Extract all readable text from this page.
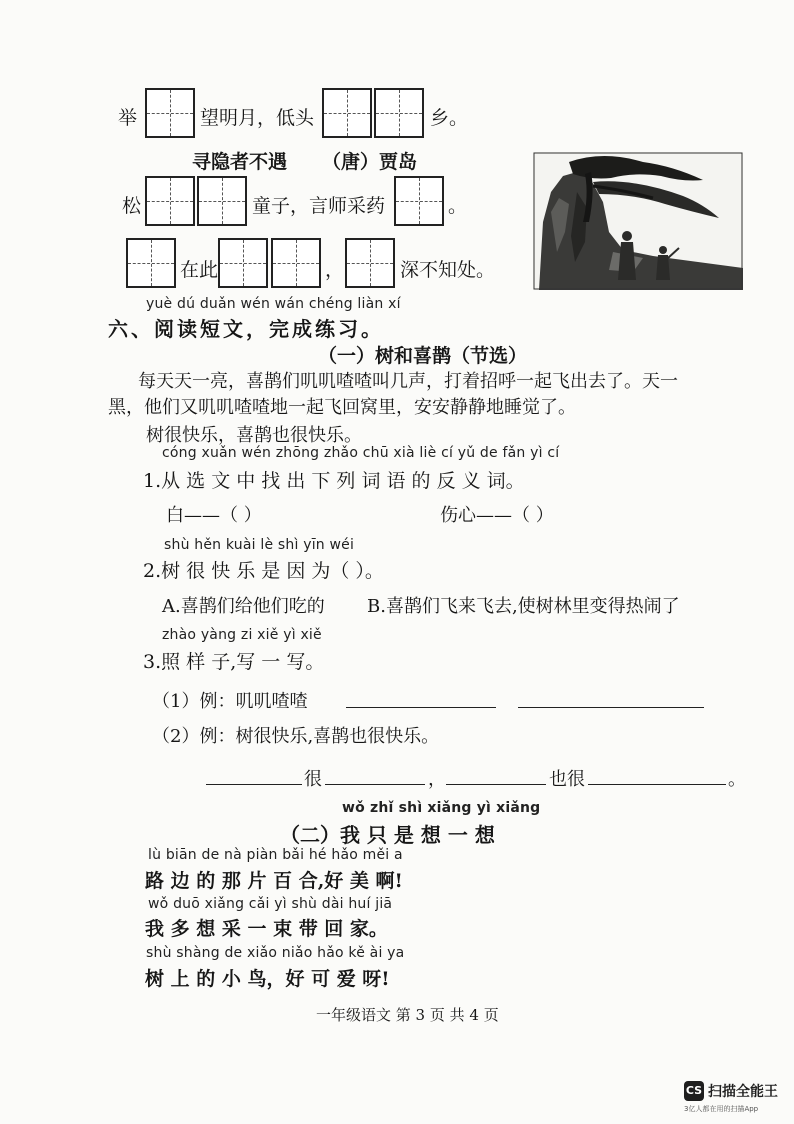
举	望明月，低头	乡。
寻隐者不遇 （唐）贾岛
松	童子，言师采药	。
在此	，	深不知处。
yuè dú duǎn wén wán chéng liàn xí
六、阅读短文，完成练习。
（一）树和喜鹊（节选）
每天天一亮，喜鹊们叽叽喳喳叫几声，打着招呼一起飞出去了。天一
黑，他们又叽叽喳喳地一起飞回窝里，安安静静地睡觉了。
树很快乐，喜鹊也很快乐。
cóng xuǎn wén zhōng zhǎo chū xià liè cí yǔ de fǎn yì cí
1.从 选 文 中 找 出 下 列 词 语 的 反 义 词。
白——（ ）	伤心——（ ）
shù hěn kuài lè shì yīn wéi
2.树 很 快 乐 是 因 为（ ）。
A.喜鹊们给他们吃的 B.喜鹊们飞来飞去,使树林里变得热闹了
zhào yàng zi xiě yì xiě
3.照 样 子,写 一 写。
（1）例：叽叽喳喳
（2）例：树很快乐,喜鹊也很快乐。
很	，	也很	。
wǒ zhǐ shì xiǎng yì xiǎng
（二）我 只 是 想 一 想
lù biān de nà piàn bǎi hé hǎo měi a
路 边 的 那 片 百 合,好 美 啊!
wǒ duō xiǎng cǎi yì shù dài huí jiā
我 多 想 采 一 束 带 回 家。
shù shàng de xiǎo niǎo hǎo kě ài ya
树 上 的 小 鸟，好 可 爱 呀!
一年级语文 第 3 页 共 4 页
CS 扫描全能王
3亿人都在用的扫描App
